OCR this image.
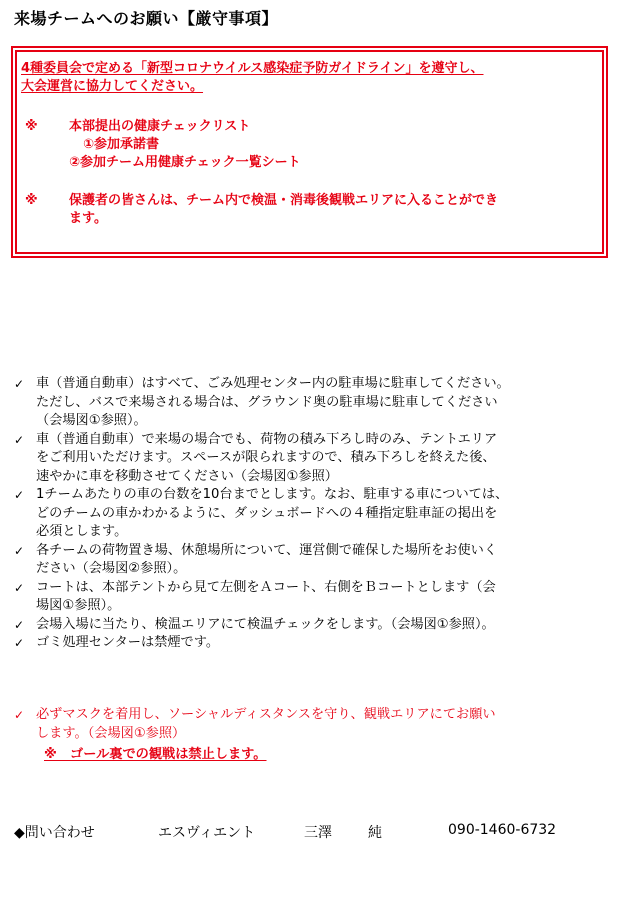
来場チームへのお願い【厳守事項】
4種委員会で定める「新型コロナウイルス感染症予防ガイドライン」を遵守し、
大会運営に協力してください。
※ 本部提出の健康チェックリスト
①参加承諾書
②参加チーム用健康チェック一覧シート
※ 保護者の皆さんは、チーム内で検温・消毒後観戦エリアに入ることができ
ます。
✓ 車（普通自動車）はすべて、ごみ処理センター内の駐車場に駐車してください。
ただし、バスで来場される場合は、グラウンド奥の駐車場に駐車してください
（会場図①参照）。
✓ 車（普通自動車）で来場の場合でも、荷物の積み下ろし時のみ、テントエリア
をご利用いただけます。スペースが限られますので、積み下ろしを終えた後、
速やかに車を移動させてください（会場図①参照）
✓ 1チームあたりの車の台数を10台までとします。なお、駐車する車については、
どのチームの車かわかるように、ダッシュボードへの４種指定駐車証の掲出を
必須とします。
✓ 各チームの荷物置き場、休憩場所について、運営側で確保した場所をお使いく
ださい（会場図②参照）。
✓ コートは、本部テントから見て左側をＡコート、右側をＢコートとします（会
場図①参照）。
✓ 会場入場に当たり、検温エリアにて検温チェックをします。（会場図①参照）。
✓ ゴミ処理センターは禁煙です。
✓ 必ずマスクを着用し、ソーシャルディスタンスを守り、観戦エリアにてお願い
します。（会場図①参照）
※　ゴール裏での観戦は禁止します。
◆問い合わせ	エスヴィエント	三澤	純	090-1460-6732
